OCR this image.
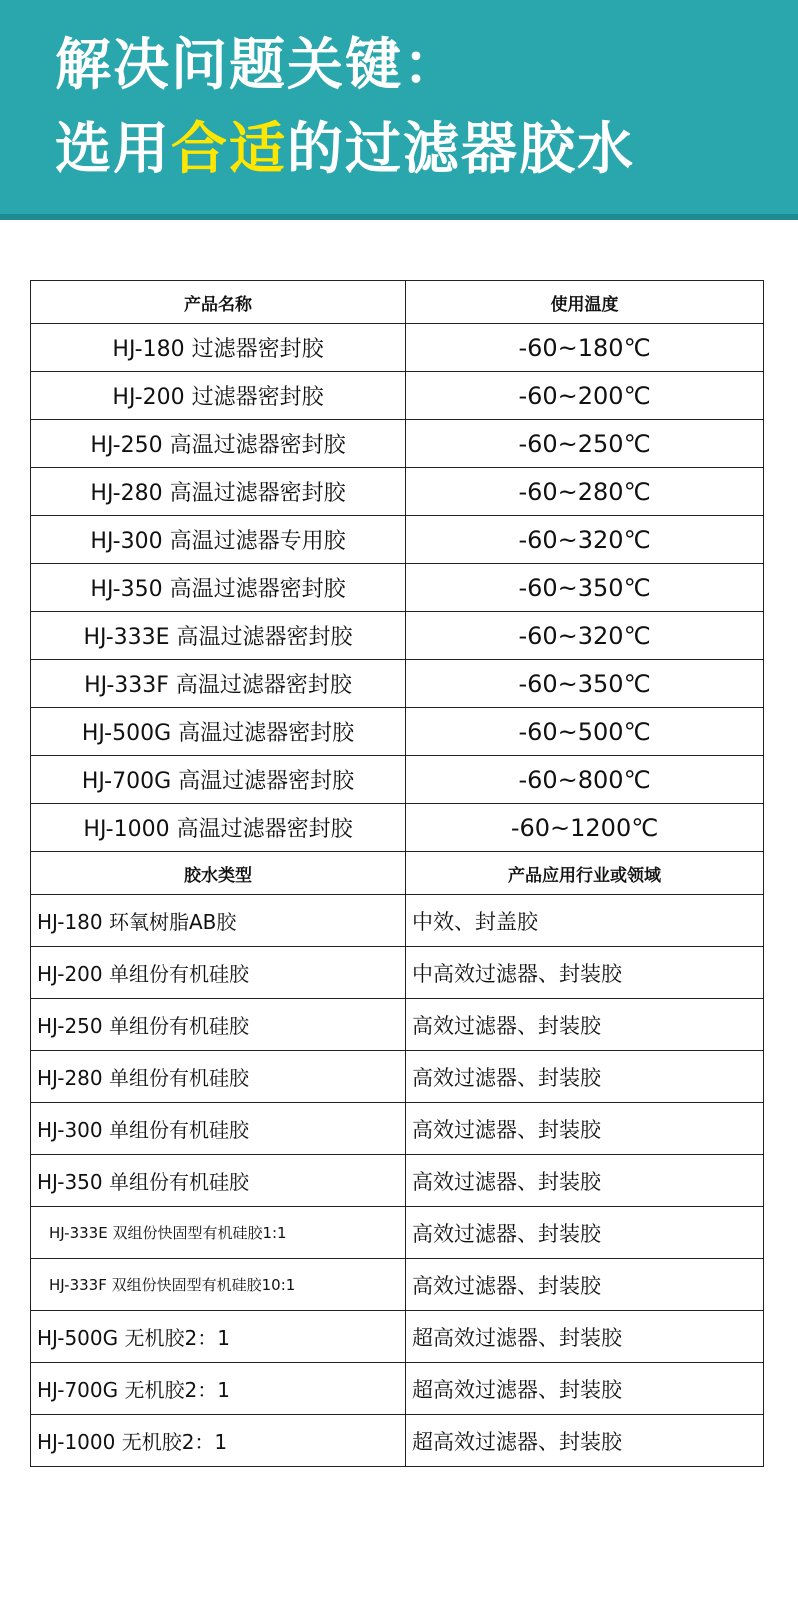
解决问题关键：
选用合适的过滤器胶水
产品名称	使用温度
HJ-180 过滤器密封胶	-60~180℃
HJ-200 过滤器密封胶	-60~200℃
HJ-250 高温过滤器密封胶	-60~250℃
HJ-280 高温过滤器密封胶	-60~280℃
HJ-300 高温过滤器专用胶	-60~320℃
HJ-350 高温过滤器密封胶	-60~350℃
HJ-333E 高温过滤器密封胶	-60~320℃
HJ-333F 高温过滤器密封胶	-60~350℃
HJ-500G 高温过滤器密封胶	-60~500℃
HJ-700G 高温过滤器密封胶	-60~800℃
HJ-1000 高温过滤器密封胶	-60~1200℃
胶水类型	产品应用行业或领域
HJ-180 环氧树脂AB胶	中效、封盖胶
HJ-200 单组份有机硅胶	中高效过滤器、封装胶
HJ-250 单组份有机硅胶	高效过滤器、封装胶
HJ-280 单组份有机硅胶	高效过滤器、封装胶
HJ-300 单组份有机硅胶	高效过滤器、封装胶
HJ-350 单组份有机硅胶	高效过滤器、封装胶
HJ-333E 双组份快固型有机硅胶1:1	高效过滤器、封装胶
HJ-333F 双组份快固型有机硅胶10:1	高效过滤器、封装胶
HJ-500G 无机胶2：1	超高效过滤器、封装胶
HJ-700G 无机胶2：1	超高效过滤器、封装胶
HJ-1000 无机胶2：1	超高效过滤器、封装胶
